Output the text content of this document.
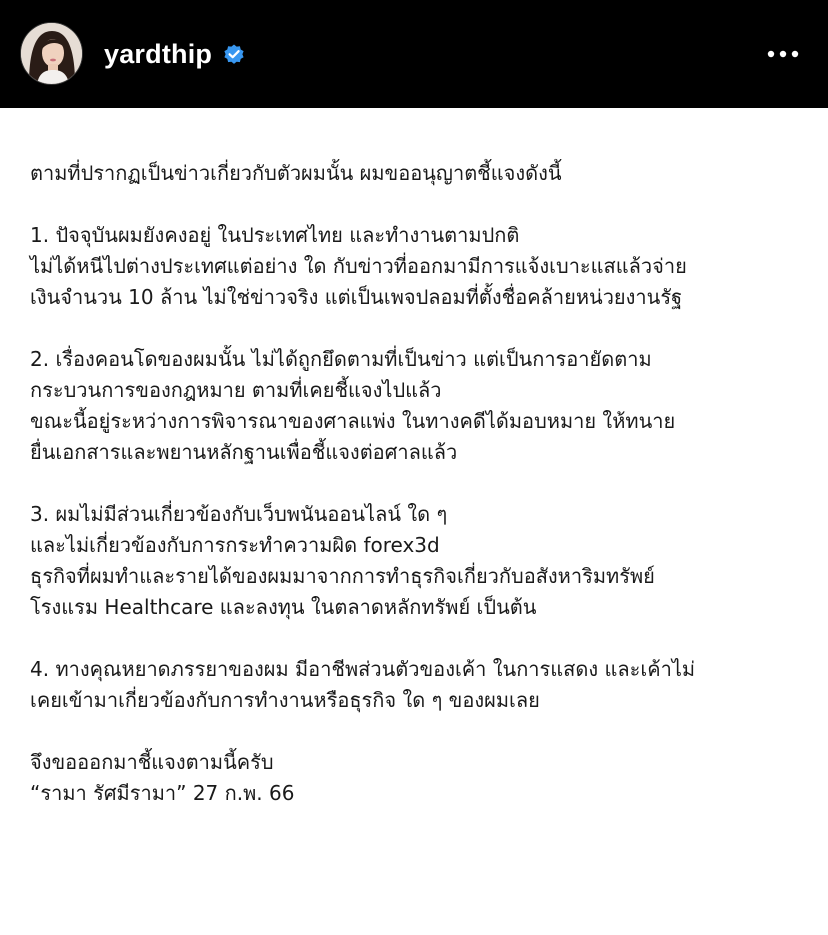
yardthip

ตามที่ปรากฏเป็นข่าวเกี่ยวกับตัวผมนั้น ผมขออนุญาตชี้แจงดังนี้

1. ปัจจุบันผมยังคงอยู่ ในประเทศไทย และทำงานตามปกติ
ไม่ได้หนีไปต่างประเทศแต่อย่าง ใด กับข่าวที่ออกมามีการแจ้งเบาะแสแล้วจ่าย
เงินจำนวน 10 ล้าน ไม่ใช่ข่าวจริง แต่เป็นเพจปลอมที่ตั้งชื่อคล้ายหน่วยงานรัฐ

2. เรื่องคอนโดของผมนั้น ไม่ได้ถูกยึดตามที่เป็นข่าว แต่เป็นการอายัดตาม
กระบวนการของกฎหมาย ตามที่เคยชี้แจงไปแล้ว
ขณะนี้อยู่ระหว่างการพิจารณาของศาลแพ่ง ในทางคดีได้มอบหมาย ให้ทนาย
ยื่นเอกสารและพยานหลักฐานเพื่อชี้แจงต่อศาลแล้ว

3. ผมไม่มีส่วนเกี่ยวข้องกับเว็บพนันออนไลน์ ใด ๆ
และไม่เกี่ยวข้องกับการกระทำความผิด forex3d
ธุรกิจที่ผมทำและรายได้ของผมมาจากการทำธุรกิจเกี่ยวกับอสังหาริมทรัพย์
โรงแรม Healthcare และลงทุน ในตลาดหลักทรัพย์ เป็นต้น

4. ทางคุณหยาดภรรยาของผม มีอาชีพส่วนตัวของเค้า ในการแสดง และเค้าไม่
เคยเข้ามาเกี่ยวข้องกับการทำงานหรือธุรกิจ ใด ๆ ของผมเลย

จึงขอออกมาชี้แจงตามนี้ครับ
“รามา รัศมีรามา” 27 ก.พ. 66
